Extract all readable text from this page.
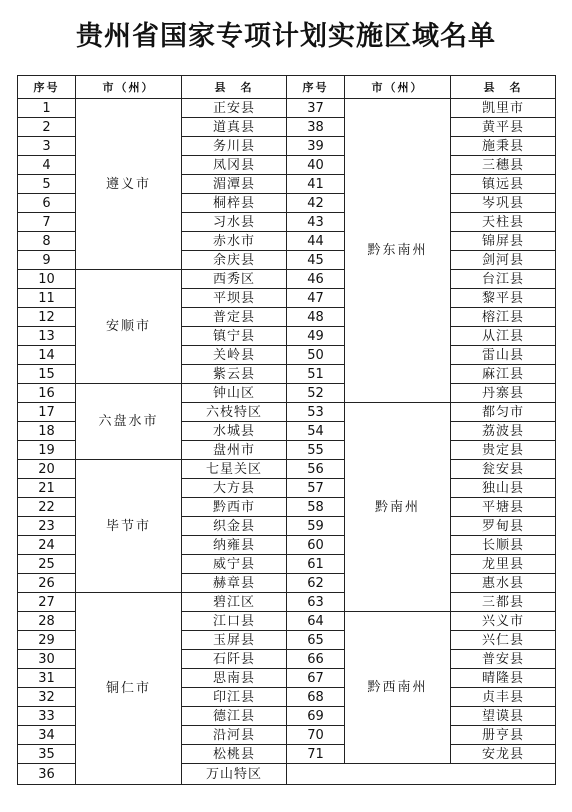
贵州省国家专项计划实施区域名单
序号	市（州）	县　名	序号	市（州）	县　名
1	遵义市	正安县	37	黔东南州	凯里市
2		道真县	38		黄平县
3		务川县	39		施秉县
4		凤冈县	40		三穗县
5		湄潭县	41		镇远县
6		桐梓县	42		岑巩县
7		习水县	43		天柱县
8		赤水市	44		锦屏县
9		余庆县	45		剑河县
10	安顺市	西秀区	46		台江县
11		平坝县	47		黎平县
12		普定县	48		榕江县
13		镇宁县	49		从江县
14		关岭县	50		雷山县
15		紫云县	51		麻江县
16	六盘水市	钟山区	52		丹寨县
17		六枝特区	53	黔南州	都匀市
18		水城县	54		荔波县
19		盘州市	55		贵定县
20	毕节市	七星关区	56		瓮安县
21		大方县	57		独山县
22		黔西市	58		平塘县
23		织金县	59		罗甸县
24		纳雍县	60		长顺县
25		威宁县	61		龙里县
26		赫章县	62		惠水县
27	铜仁市	碧江区	63		三都县
28		江口县	64	黔西南州	兴义市
29		玉屏县	65		兴仁县
30		石阡县	66		普安县
31		思南县	67		晴隆县
32		印江县	68		贞丰县
33		德江县	69		望谟县
34		沿河县	70		册亨县
35		松桃县	71		安龙县
36		万山特区			
